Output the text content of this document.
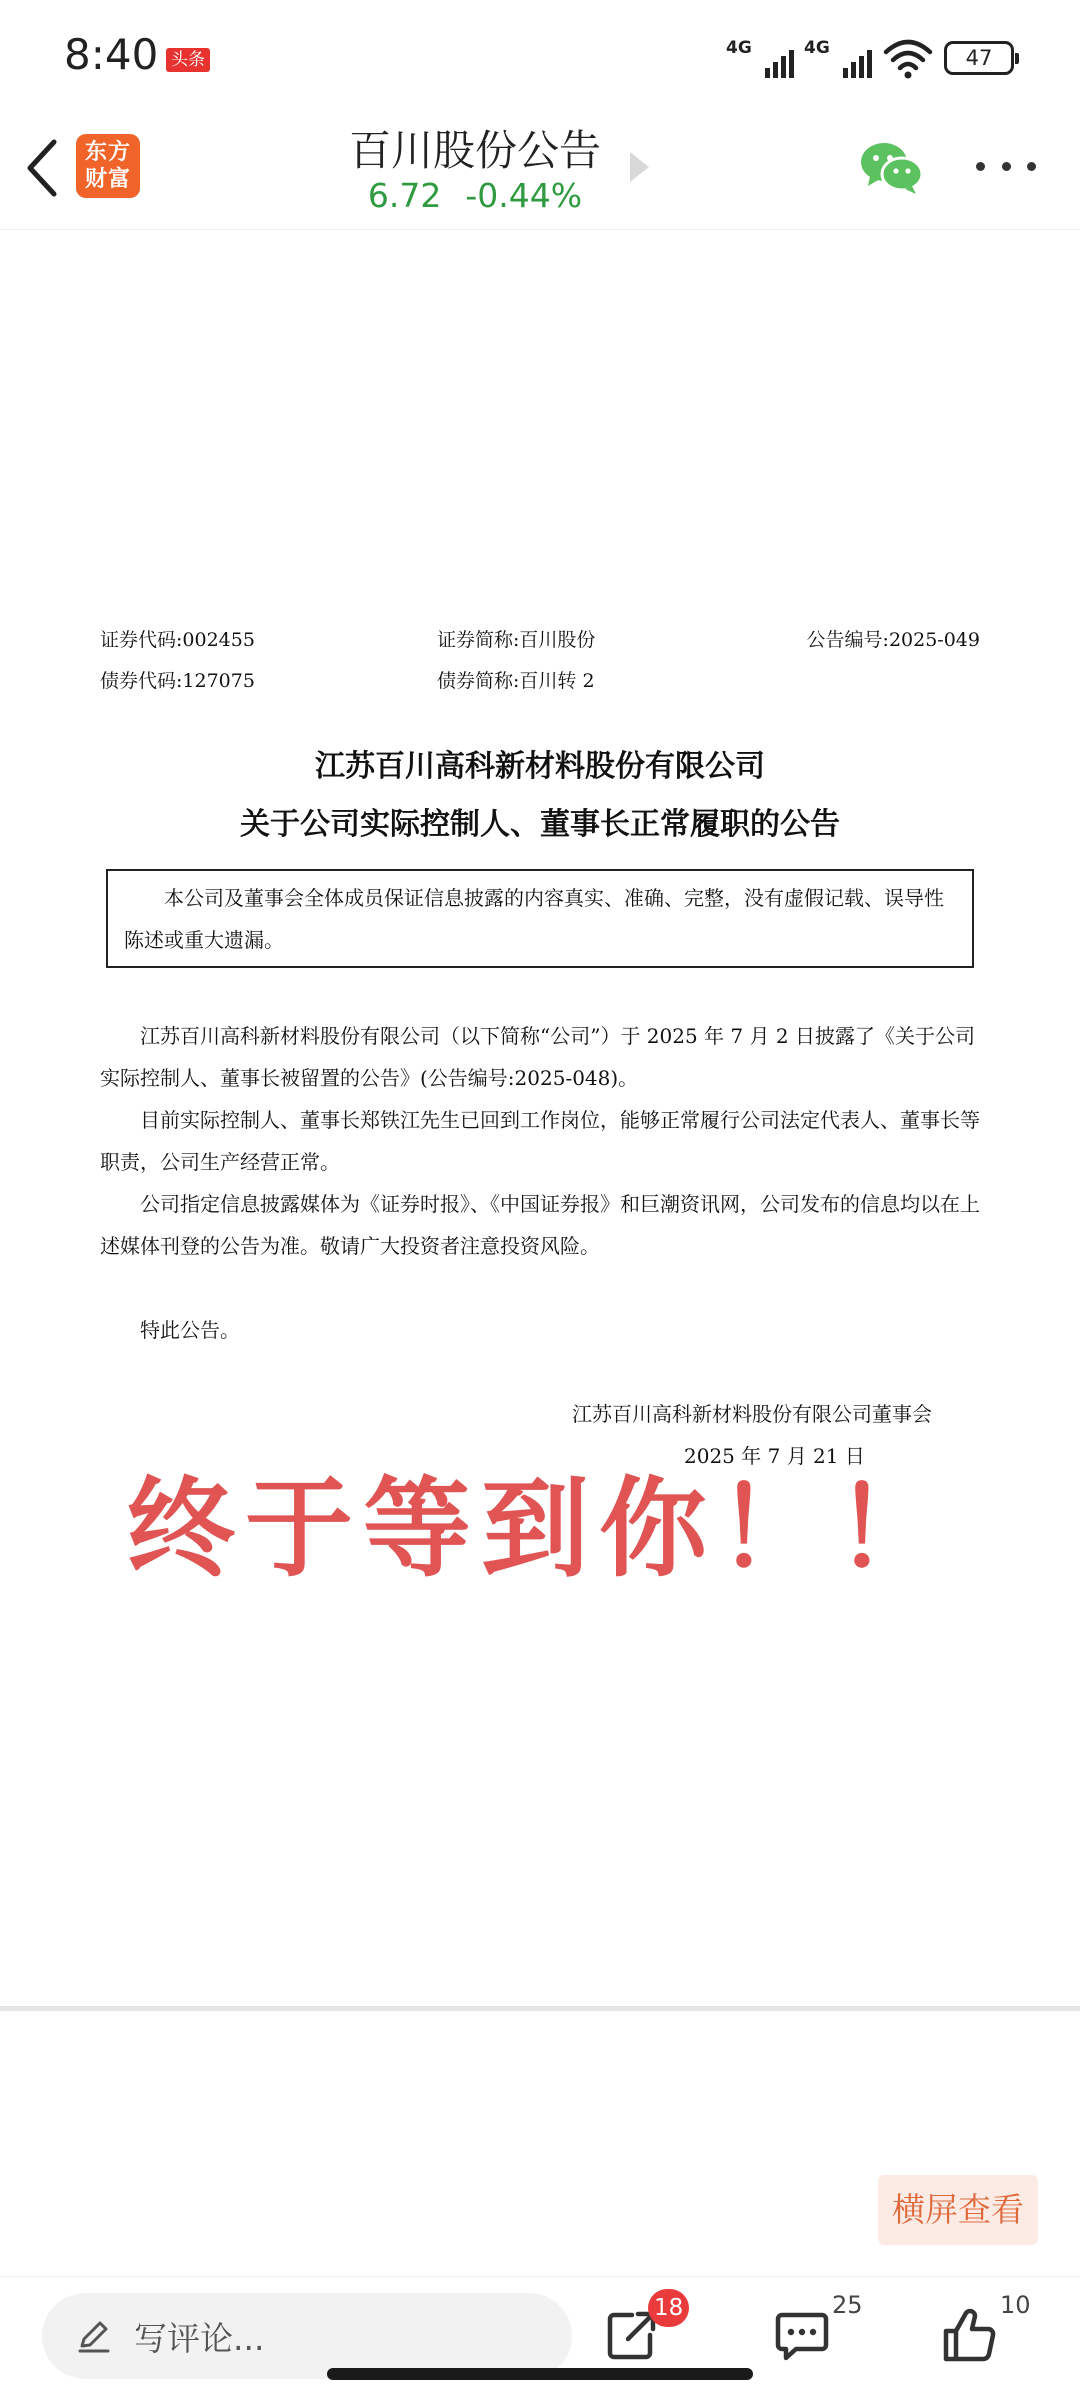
8:40 头条
4G	4G	47
东方财富
百川股份公告
6.72 -0.44%
证券代码:002455	证券简称:百川股份	公告编号:2025-049
债券代码:127075	债券简称:百川转 2
江苏百川高科新材料股份有限公司
关于公司实际控制人、董事长正常履职的公告
本公司及董事会全体成员保证信息披露的内容真实、准确、完整，没有虚假记载、误导性陈述或重大遗漏。
江苏百川高科新材料股份有限公司（以下简称“公司”）于 2025 年 7 月 2 日披露了《关于公司实际控制人、董事长被留置的公告》(公告编号:2025-048)。
目前实际控制人、董事长郑铁江先生已回到工作岗位，能够正常履行公司法定代表人、董事长等职责，公司生产经营正常。
公司指定信息披露媒体为《证券时报》、《中国证券报》和巨潮资讯网，公司发布的信息均以在上述媒体刊登的公告为准。敬请广大投资者注意投资风险。
特此公告。
江苏百川高科新材料股份有限公司董事会
2025 年 7 月 21 日
终于等到你！！
横屏查看
写评论...
18	25	10
